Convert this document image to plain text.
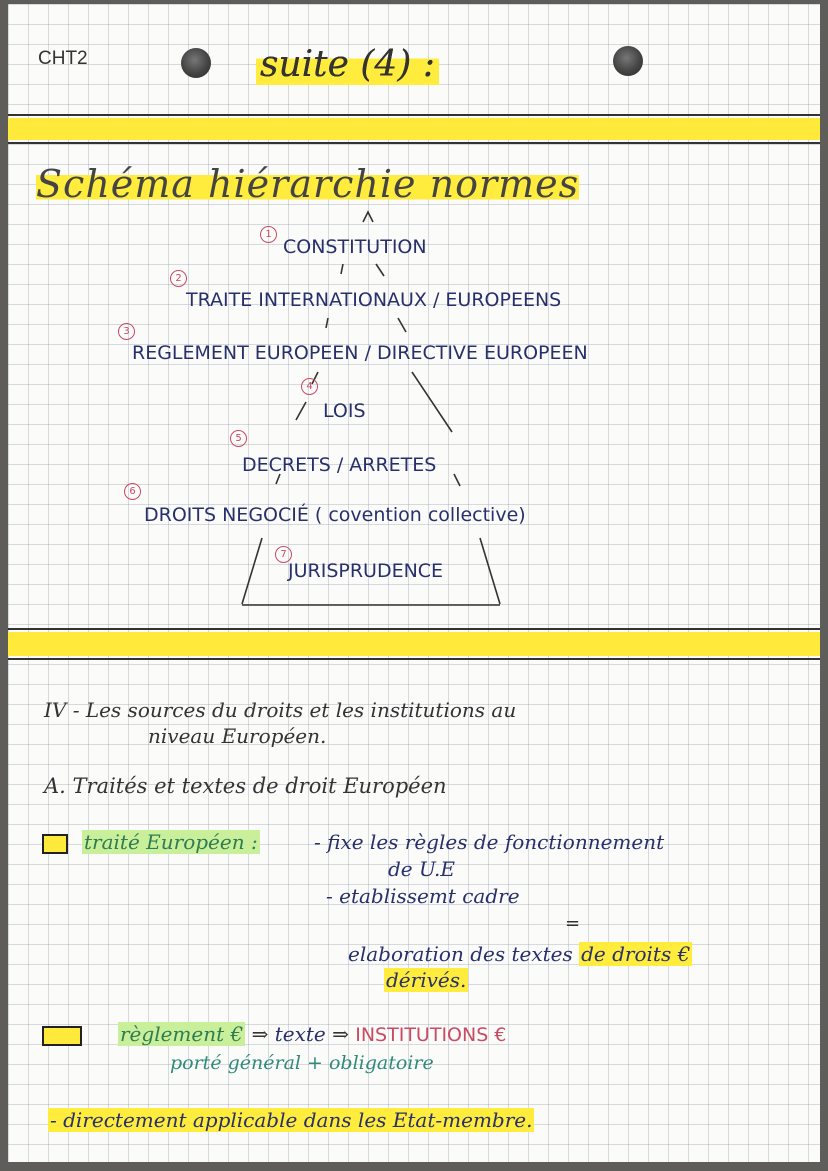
CHT2	suite (4) :
Schéma hiérarchie normes
1
CONSTITUTION
2
TRAITE INTERNATIONAUX / EUROPEENS
3
REGLEMENT EUROPEEN / DIRECTIVE EUROPEEN
4
LOIS
5
DECRETS / ARRETES
6
DROITS NEGOCIÉ ( covention collective)
7
JURISPRUDENCE
IV - Les sources du droits et les institutions au
niveau Européen.
A. Traités et textes de droit Européen
traité Européen :	- fixe les règles de fonctionnement
de U.E
- etablissemt cadre
=
elaboration des textes de droits €
dérivés.
règlement € ⇒ texte ⇒ INSTITUTIONS €
porté général + obligatoire
- directement applicable dans les Etat-membre.
